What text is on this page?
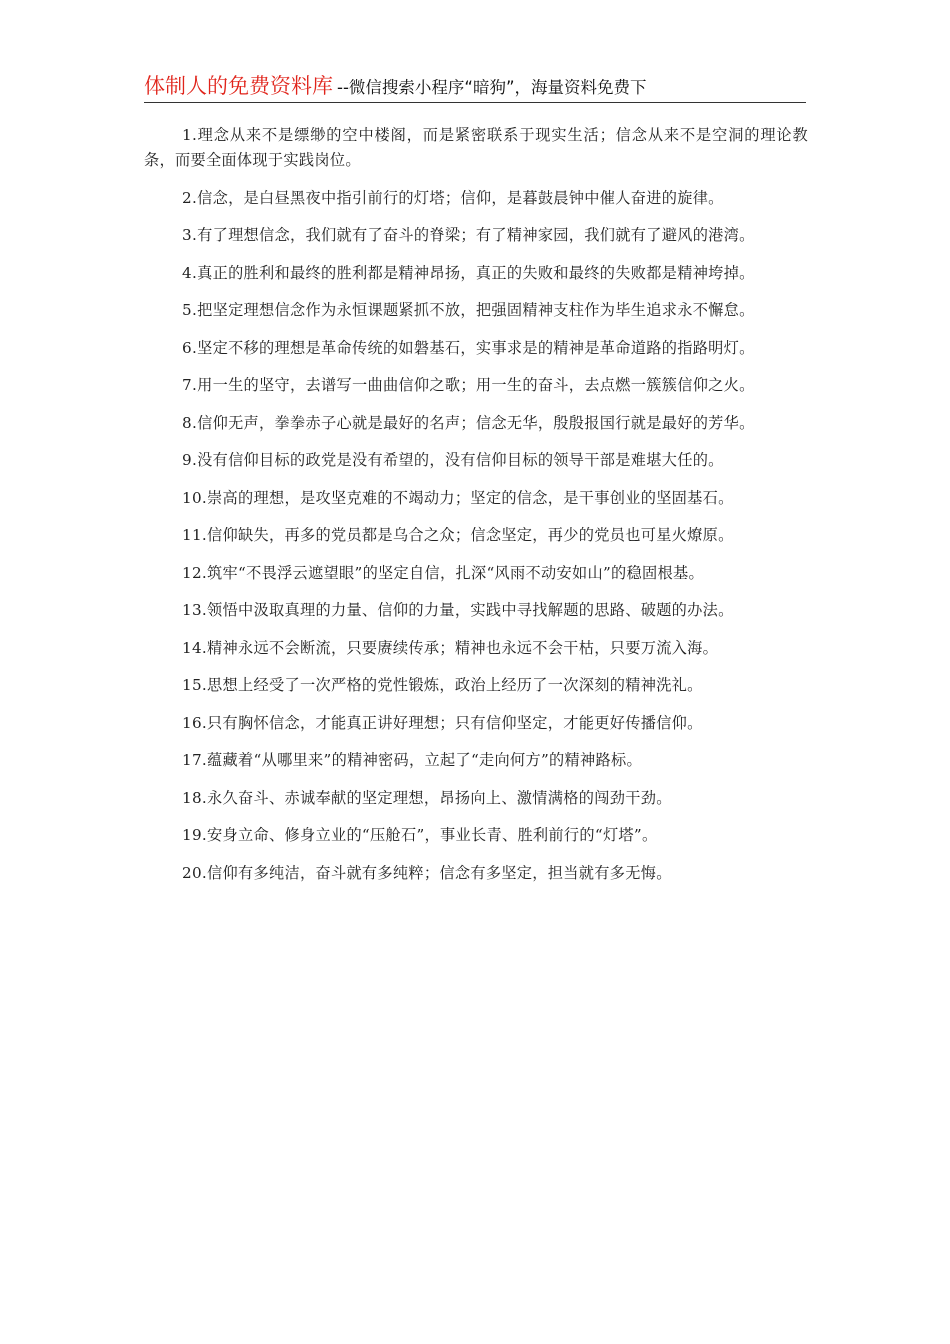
体制人的免费资料库 --微信搜索小程序“暗狗”，海量资料免费下

1.理念从来不是缥缈的空中楼阁，而是紧密联系于现实生活；信念从来不是空洞的理论教条，而要全面体现于实践岗位。

2.信念，是白昼黑夜中指引前行的灯塔；信仰，是暮鼓晨钟中催人奋进的旋律。

3.有了理想信念，我们就有了奋斗的脊梁；有了精神家园，我们就有了避风的港湾。

4.真正的胜利和最终的胜利都是精神昂扬，真正的失败和最终的失败都是精神垮掉。

5.把坚定理想信念作为永恒课题紧抓不放，把强固精神支柱作为毕生追求永不懈怠。

6.坚定不移的理想是革命传统的如磐基石，实事求是的精神是革命道路的指路明灯。

7.用一生的坚守，去谱写一曲曲信仰之歌；用一生的奋斗，去点燃一簇簇信仰之火。

8.信仰无声，拳拳赤子心就是最好的名声；信念无华，殷殷报国行就是最好的芳华。

9.没有信仰目标的政党是没有希望的，没有信仰目标的领导干部是难堪大任的。

10.崇高的理想，是攻坚克难的不竭动力；坚定的信念，是干事创业的坚固基石。

11.信仰缺失，再多的党员都是乌合之众；信念坚定，再少的党员也可星火燎原。

12.筑牢“不畏浮云遮望眼”的坚定自信，扎深“风雨不动安如山”的稳固根基。

13.领悟中汲取真理的力量、信仰的力量，实践中寻找解题的思路、破题的办法。

14.精神永远不会断流，只要赓续传承；精神也永远不会干枯，只要万流入海。

15.思想上经受了一次严格的党性锻炼，政治上经历了一次深刻的精神洗礼。

16.只有胸怀信念，才能真正讲好理想；只有信仰坚定，才能更好传播信仰。

17.蕴藏着“从哪里来”的精神密码，立起了“走向何方”的精神路标。

18.永久奋斗、赤诚奉献的坚定理想，昂扬向上、激情满格的闯劲干劲。

19.安身立命、修身立业的“压舱石”，事业长青、胜利前行的“灯塔”。

20.信仰有多纯洁，奋斗就有多纯粹；信念有多坚定，担当就有多无悔。
